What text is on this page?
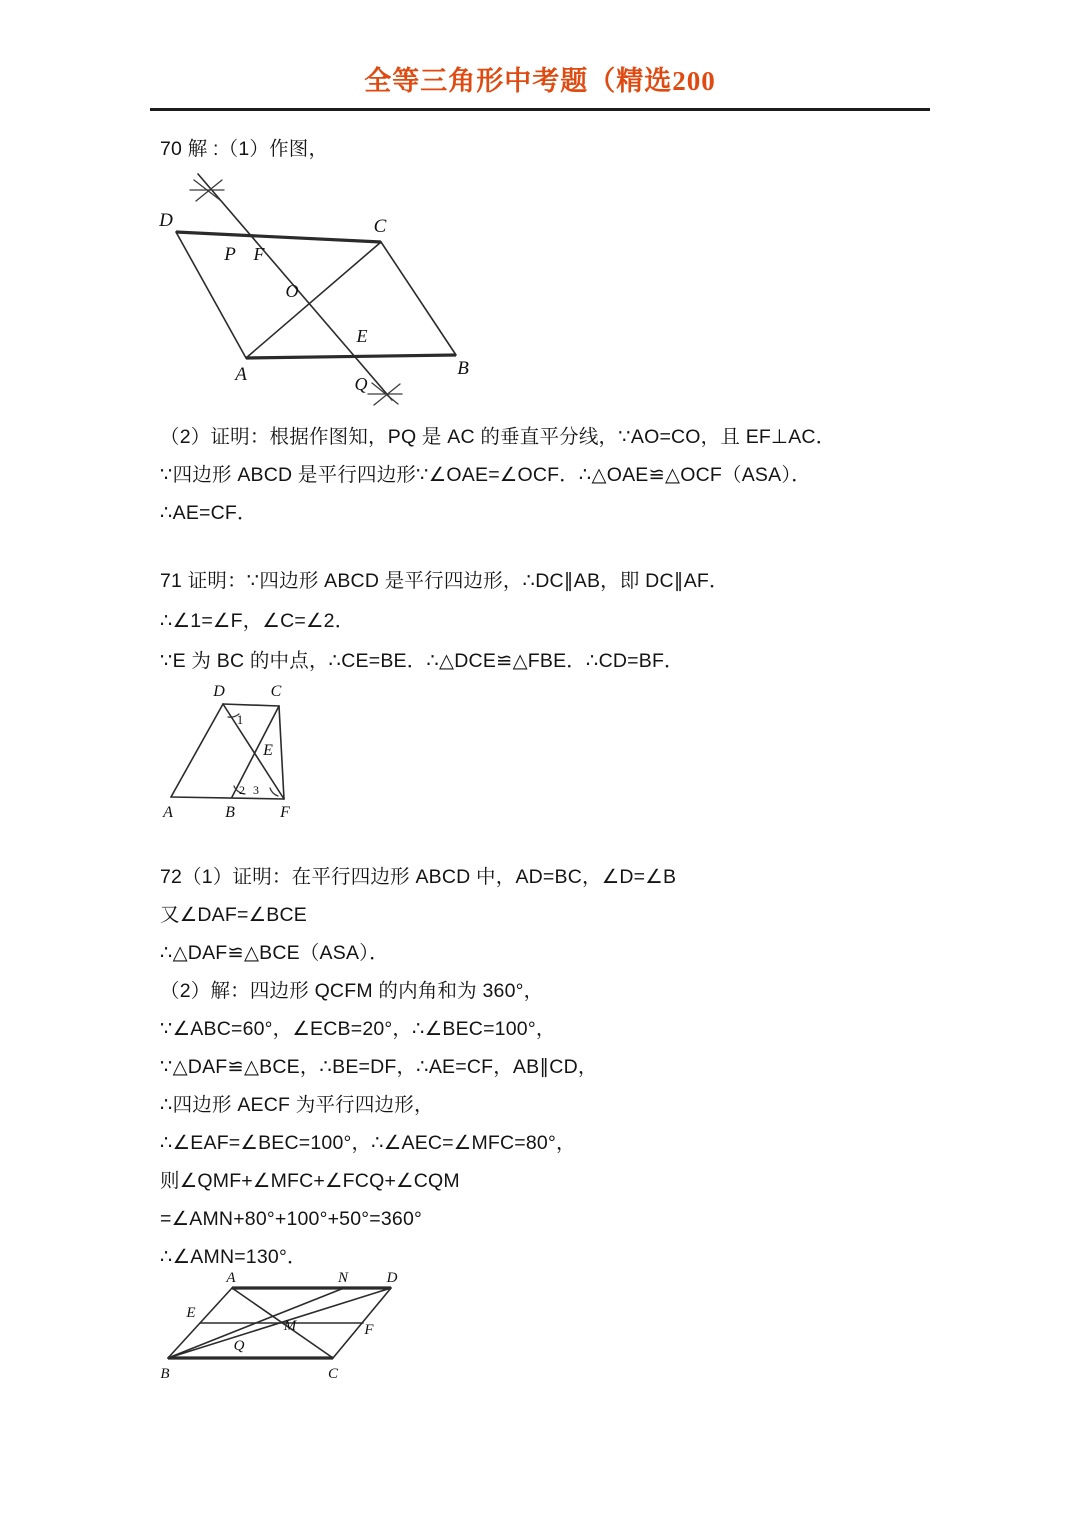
全等三角形中考题（精选200
70 解 :（1）作图，
P
D	C
F
O
E
A	B
Q
（2）证明：根据作图知，PQ 是 AC 的垂直平分线，∵AO=CO，且 EF⊥AC．
∵四边形 ABCD 是平行四边形∵∠OAE=∠OCF．∴△OAE≌△OCF（ASA）．
∴AE=CF．
71 证明：∵四边形 ABCD 是平行四边形，∴DC∥AB，即 DC∥AF．
∴∠1=∠F，∠C=∠2．
∵E 为 BC 的中点，∴CE=BE．∴△DCE≌△FBE．∴CD=BF．
D	C
1
E
2 3
A	B	F
72（1）证明：在平行四边形 ABCD 中，AD=BC，∠D=∠B
又∠DAF=∠BCE
∴△DAF≌△BCE（ASA）．
（2）解：四边形 QCFM 的内角和为 360°，
∵∠ABC=60°，∠ECB=20°，∴∠BEC=100°，
∵△DAF≌△BCE，∴BE=DF，∴AE=CF，AB∥CD，
∴四边形 AECF 为平行四边形，
∴∠EAF=∠BEC=100°，∴∠AEC=∠MFC=80°，
则∠QMF+∠MFC+∠FCQ+∠CQM
=∠AMN+80°+100°+50°=360°
∴∠AMN=130°．
A	N	D
E
M	F
Q
B	C
